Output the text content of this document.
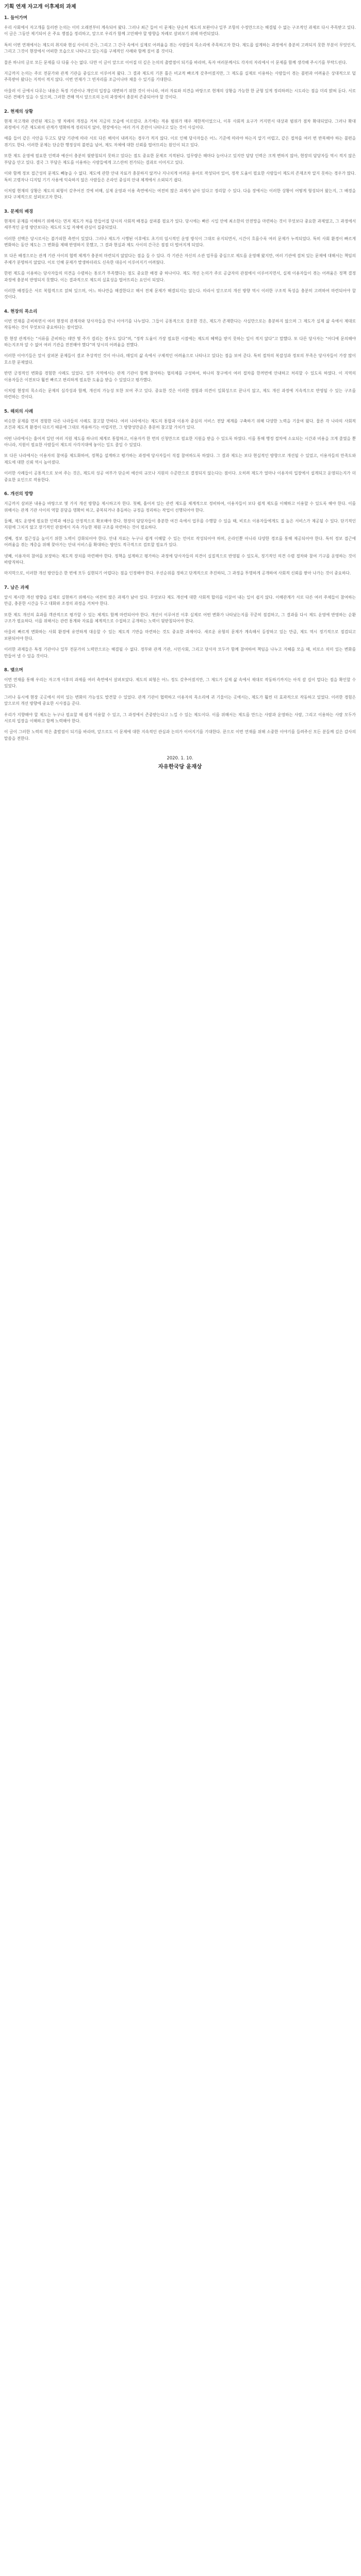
기획 연재 자고개 이후제의 과제
1. 들어가며

우리 사회에서 자고개를 둘러싼 논의는 이미 오래전부터 계속되어 왔다. 그러나 최근 들어 이 문제는 단순히 제도의 보완이나 일부 조항의 수정만으로는 해결될 수 없는 구조적인 과제로 다시 주목받고 있다. 이 글은 그동안 제기되어 온 주요 쟁점을 정리하고, 앞으로 우리가 함께 고민해야 할 방향을 차례로 살펴보기 위해 마련되었다.

특히 이번 연재에서는 제도의 취지와 현실 사이의 간극, 그리고 그 간극 속에서 실제로 어려움을 겪는 사람들의 목소리에 주목하고자 한다. 제도를 설계하는 과정에서 충분히 고려되지 못한 부분이 무엇인지, 그리고 그것이 현장에서 어떠한 모습으로 나타나고 있는지를 구체적인 사례와 함께 짚어 볼 것이다.

물론 하나의 글로 모든 문제를 다 다룰 수는 없다. 다만 이 글이 앞으로 이어질 더 깊은 논의의 출발점이 되기를 바라며, 독자 여러분께서도 각자의 자리에서 이 문제를 함께 생각해 주시기를 부탁드린다.

지금까지 논의는 주로 전문가와 관계 기관을 중심으로 이루어져 왔다. 그 결과 제도의 기본 틀은 비교적 빠르게 갖추어졌지만, 그 제도를 실제로 이용하는 사람들이 겪는 불편과 어려움은 상대적으로 덜 주목받아 왔다는 지적이 적지 않다. 이번 연재가 그 빈자리를 조금이나마 채울 수 있기를 기대한다.

아울러 이 글에서 다루는 내용은 특정 기관이나 개인의 입장을 대변하기 위한 것이 아니라, 여러 자료와 의견을 바탕으로 현재의 상황을 가능한 한 균형 있게 정리하려는 시도라는 점을 미리 밝혀 둔다. 서로 다른 견해가 있을 수 있으며, 그러한 견해 역시 앞으로의 논의 과정에서 충분히 존중되어야 할 것이다.

2. 현재의 상황

현재 자고개와 관련된 제도는 몇 차례의 개정을 거쳐 지금의 모습에 이르렀다. 초기에는 적용 범위가 매우 제한적이었으나, 이후 사회적 요구가 커지면서 대상과 범위가 점차 확대되었다. 그러나 확대 과정에서 기존 제도와의 관계가 명확하게 정리되지 않아, 현장에서는 여러 가지 혼란이 나타나고 있는 것이 사실이다.

예를 들어 같은 사안을 두고도 담당 기관에 따라 서로 다른 해석이 내려지는 경우가 적지 않다. 이로 인해 당사자들은 어느 기준에 따라야 하는지 알기 어렵고, 같은 절차를 여러 번 반복해야 하는 불편을 겪기도 한다. 이러한 문제는 단순한 행정상의 불편을 넘어, 제도 자체에 대한 신뢰를 떨어뜨리는 원인이 되고 있다.

또한 제도 운영에 필요한 인력과 예산이 충분히 뒷받침되지 못하고 있다는 점도 중요한 문제로 지적된다. 업무량은 해마다 늘어나고 있지만 담당 인력은 크게 변하지 않아, 현장의 담당자들 역시 적지 않은 부담을 안고 있다. 결국 그 부담은 제도를 이용하는 사람들에게 고스란히 전가되는 결과로 이어지고 있다.

이와 함께 정보 접근성의 문제도 빼놓을 수 없다. 제도에 관한 안내 자료가 충분하지 않거나 지나치게 어려운 용어로 작성되어 있어, 정작 도움이 필요한 사람들이 제도의 존재조차 알지 못하는 경우가 많다. 특히 고령자나 디지털 기기 사용에 익숙하지 않은 사람들은 온라인 중심의 안내 체계에서 소외되기 쉽다.

이처럼 현재의 상황은 제도의 외형이 갖추어진 것에 비해, 실제 운영과 이용 측면에서는 여전히 많은 과제가 남아 있다고 정리할 수 있다. 다음 장에서는 이러한 상황이 어떻게 형성되어 왔는지, 그 배경을 보다 구체적으로 살펴보고자 한다.

3. 문제의 배경

현재의 문제를 이해하기 위해서는 먼저 제도가 처음 만들어질 당시의 사회적 배경을 살펴볼 필요가 있다. 당시에는 빠른 시일 안에 최소한의 안전망을 마련하는 것이 무엇보다 중요한 과제였고, 그 과정에서 세부적인 운영 방안보다는 제도의 도입 자체에 관심이 집중되었다.

이러한 선택은 당시로서는 불가피한 측면이 있었다. 그러나 제도가 시행된 이후에도 초기의 임시적인 운영 방식이 그대로 유지되면서, 시간이 흐를수록 여러 문제가 누적되었다. 특히 사회 환경이 빠르게 변화하는 동안 제도는 그 변화를 제때 반영하지 못했고, 그 결과 현실과 제도 사이의 간극은 점점 더 벌어지게 되었다.

또 다른 배경으로는 관계 기관 사이의 협력 체계가 충분히 마련되지 않았다는 점을 들 수 있다. 각 기관은 자신의 소관 업무를 중심으로 제도를 운영해 왔지만, 여러 기관에 걸쳐 있는 문제에 대해서는 책임의 주체가 분명하지 않았다. 이로 인해 문제가 발생하더라도 신속한 대응이 이루어지기 어려웠다.

한편 제도를 이용하는 당사자들의 의견을 수렴하는 통로가 부족했다는 점도 중요한 배경 중 하나이다. 제도 개선 논의가 주로 공급자의 관점에서 이루어지면서, 실제 이용자들이 겪는 어려움은 정책 결정 과정에 충분히 반영되지 못했다. 이는 결과적으로 제도의 실효성을 떨어뜨리는 요인이 되었다.

이러한 배경들은 서로 복합적으로 얽혀 있으며, 어느 하나만을 해결한다고 해서 전체 문제가 해결되지는 않는다. 따라서 앞으로의 개선 방향 역시 이러한 구조적 특성을 충분히 고려하여 마련되어야 할 것이다.

4. 현장의 목소리

이번 연재를 준비하면서 여러 현장의 관계자와 당사자들을 만나 이야기를 나누었다. 그들이 공통적으로 강조한 것은, 제도가 존재한다는 사실만으로는 충분하지 않으며 그 제도가 실제 삶 속에서 제대로 작동하는 것이 무엇보다 중요하다는 점이었다.

한 현장 관계자는 “서류를 준비하는 데만 몇 주가 걸리는 경우도 있다”며, “정작 도움이 가장 필요한 시점에는 제도의 혜택을 받지 못하는 일이 적지 않다”고 말했다. 또 다른 당사자는 “어디에 문의해야 하는지조차 알 수 없어 여러 기관을 전전해야 했다”며 당시의 어려움을 전했다.

이러한 이야기들은 앞서 살펴본 문제들이 결코 추상적인 것이 아니라, 매일의 삶 속에서 구체적인 어려움으로 나타나고 있다는 점을 보여 준다. 특히 절차의 복잡성과 정보의 부족은 당사자들이 가장 많이 호소한 문제였다.

반면 긍정적인 변화를 경험한 사례도 있었다. 일부 지역에서는 관계 기관이 함께 참여하는 협의체를 구성하여, 하나의 창구에서 여러 절차를 한꺼번에 안내하고 처리할 수 있도록 하였다. 이 지역의 이용자들은 이전보다 훨씬 빠르고 편리하게 필요한 도움을 받을 수 있었다고 평가했다.

이처럼 현장의 목소리는 문제의 심각성과 함께, 개선의 가능성 또한 보여 주고 있다. 중요한 것은 이러한 경험과 의견이 일회성으로 끝나지 않고, 제도 개선 과정에 지속적으로 반영될 수 있는 구조를 마련하는 것이다.

5. 해외의 사례

비슷한 문제를 먼저 경험한 다른 나라들의 사례도 참고할 만하다. 여러 나라에서는 제도의 통합과 이용자 중심의 서비스 전달 체계를 구축하기 위해 다양한 노력을 기울여 왔다. 물론 각 나라의 사회적 조건과 제도적 환경이 다르기 때문에 그대로 적용하기는 어렵지만, 그 방향성만큼은 충분히 참고할 가치가 있다.

어떤 나라에서는 흩어져 있던 여러 지원 제도를 하나의 체계로 통합하고, 이용자가 한 번의 신청만으로 필요한 지원을 받을 수 있도록 하였다. 이를 통해 행정 절차에 소요되는 시간과 비용을 크게 줄였을 뿐 아니라, 지원이 필요한 사람들이 제도의 사각지대에 놓이는 일도 줄일 수 있었다.

또 다른 나라에서는 이용자의 참여를 제도화하여, 정책을 설계하고 평가하는 과정에 당사자들이 직접 참여하도록 하였다. 그 결과 제도는 보다 현실적인 방향으로 개선될 수 있었고, 이용자들의 만족도와 제도에 대한 신뢰 역시 높아졌다.

이러한 사례들이 공통적으로 보여 주는 것은, 제도의 성공 여부가 단순히 예산의 규모나 지원의 수준만으로 결정되지 않는다는 점이다. 오히려 제도가 얼마나 이용자의 입장에서 설계되고 운영되는지가 더 중요한 요인으로 작용한다.

6. 개선의 방향

지금까지 살펴본 내용을 바탕으로 몇 가지 개선 방향을 제시하고자 한다. 첫째, 흩어져 있는 관련 제도를 체계적으로 정비하여, 이용자들이 보다 쉽게 제도를 이해하고 이용할 수 있도록 해야 한다. 이를 위해서는 관계 기관 사이의 역할 분담을 명확히 하고, 중복되거나 충돌하는 규정을 정리하는 작업이 선행되어야 한다.

둘째, 제도 운영에 필요한 인력과 예산을 안정적으로 확보해야 한다. 현장의 담당자들이 충분한 여건 속에서 업무를 수행할 수 있을 때, 비로소 이용자들에게도 질 높은 서비스가 제공될 수 있다. 단기적인 지원에 그치지 않고 장기적인 관점에서 지속 가능한 재원 구조를 마련하는 것이 필요하다.

셋째, 정보 접근성을 높이기 위한 노력이 강화되어야 한다. 안내 자료는 누구나 쉽게 이해할 수 있는 언어로 작성되어야 하며, 온라인뿐 아니라 다양한 경로를 통해 제공되어야 한다. 특히 정보 접근에 어려움을 겪는 계층을 위해 찾아가는 안내 서비스를 확대하는 방안도 적극적으로 검토할 필요가 있다.

넷째, 이용자의 참여를 보장하는 제도적 장치를 마련해야 한다. 정책을 설계하고 평가하는 과정에 당사자들의 의견이 실질적으로 반영될 수 있도록, 정기적인 의견 수렴 절차와 참여 기구를 운영하는 것이 바람직하다.

마지막으로, 이러한 개선 방안들은 한 번에 모두 실현되기 어렵다는 점을 인정해야 한다. 우선순위를 정하고 단계적으로 추진하되, 그 과정을 투명하게 공개하여 사회적 신뢰를 쌓아 나가는 것이 중요하다.

7. 남은 과제

앞서 제시한 개선 방향을 실제로 실현하기 위해서는 여전히 많은 과제가 남아 있다. 무엇보다 제도 개선에 대한 사회적 합의를 이끌어 내는 일이 쉽지 않다. 이해관계가 서로 다른 여러 주체들이 참여하는 만큼, 충분한 시간을 두고 대화와 조정의 과정을 거쳐야 한다.

또한 제도 개선의 효과를 객관적으로 평가할 수 있는 체계도 함께 마련되어야 한다. 개선이 이루어진 이후 실제로 어떤 변화가 나타났는지를 꾸준히 점검하고, 그 결과를 다시 제도 운영에 반영하는 순환 구조가 필요하다. 이를 위해서는 관련 통계와 자료를 체계적으로 수집하고 공개하는 노력이 뒷받침되어야 한다.

아울러 빠르게 변화하는 사회 환경에 유연하게 대응할 수 있는 제도적 기반을 마련하는 것도 중요한 과제이다. 새로운 유형의 문제가 계속해서 등장하고 있는 만큼, 제도 역시 정기적으로 점검되고 보완되어야 한다.

이러한 과제들은 특정 기관이나 일부 전문가의 노력만으로는 해결될 수 없다. 정부와 관계 기관, 시민사회, 그리고 당사자 모두가 함께 참여하여 책임을 나누고 지혜를 모을 때, 비로소 의미 있는 변화를 만들어 낼 수 있을 것이다.

8. 맺으며

이번 연재를 통해 우리는 자고개 이후의 과제를 여러 측면에서 살펴보았다. 제도의 외형은 어느 정도 갖추어졌지만, 그 제도가 실제 삶 속에서 제대로 작동하기까지는 아직 갈 길이 멀다는 점을 확인할 수 있었다.

그러나 동시에 현장 곳곳에서 의미 있는 변화의 가능성도 발견할 수 있었다. 관계 기관이 협력하고 이용자의 목소리에 귀 기울이는 곳에서는, 제도가 훨씬 더 효과적으로 작동하고 있었다. 이러한 경험은 앞으로의 개선 방향에 중요한 시사점을 준다.

우리가 지향해야 할 제도는 누구나 필요할 때 쉽게 이용할 수 있고, 그 과정에서 존중받는다고 느낄 수 있는 제도이다. 이를 위해서는 제도를 만드는 사람과 운영하는 사람, 그리고 이용하는 사람 모두가 서로의 입장을 이해하고 함께 노력해야 한다.

이 글이 그러한 노력의 작은 출발점이 되기를 바라며, 앞으로도 이 문제에 대한 지속적인 관심과 논의가 이어지기를 기대한다. 끝으로 이번 연재를 위해 소중한 이야기를 들려주신 모든 분들께 깊은 감사의 말씀을 전한다.

2020. 1. 10.
자유한국당 윤재상
